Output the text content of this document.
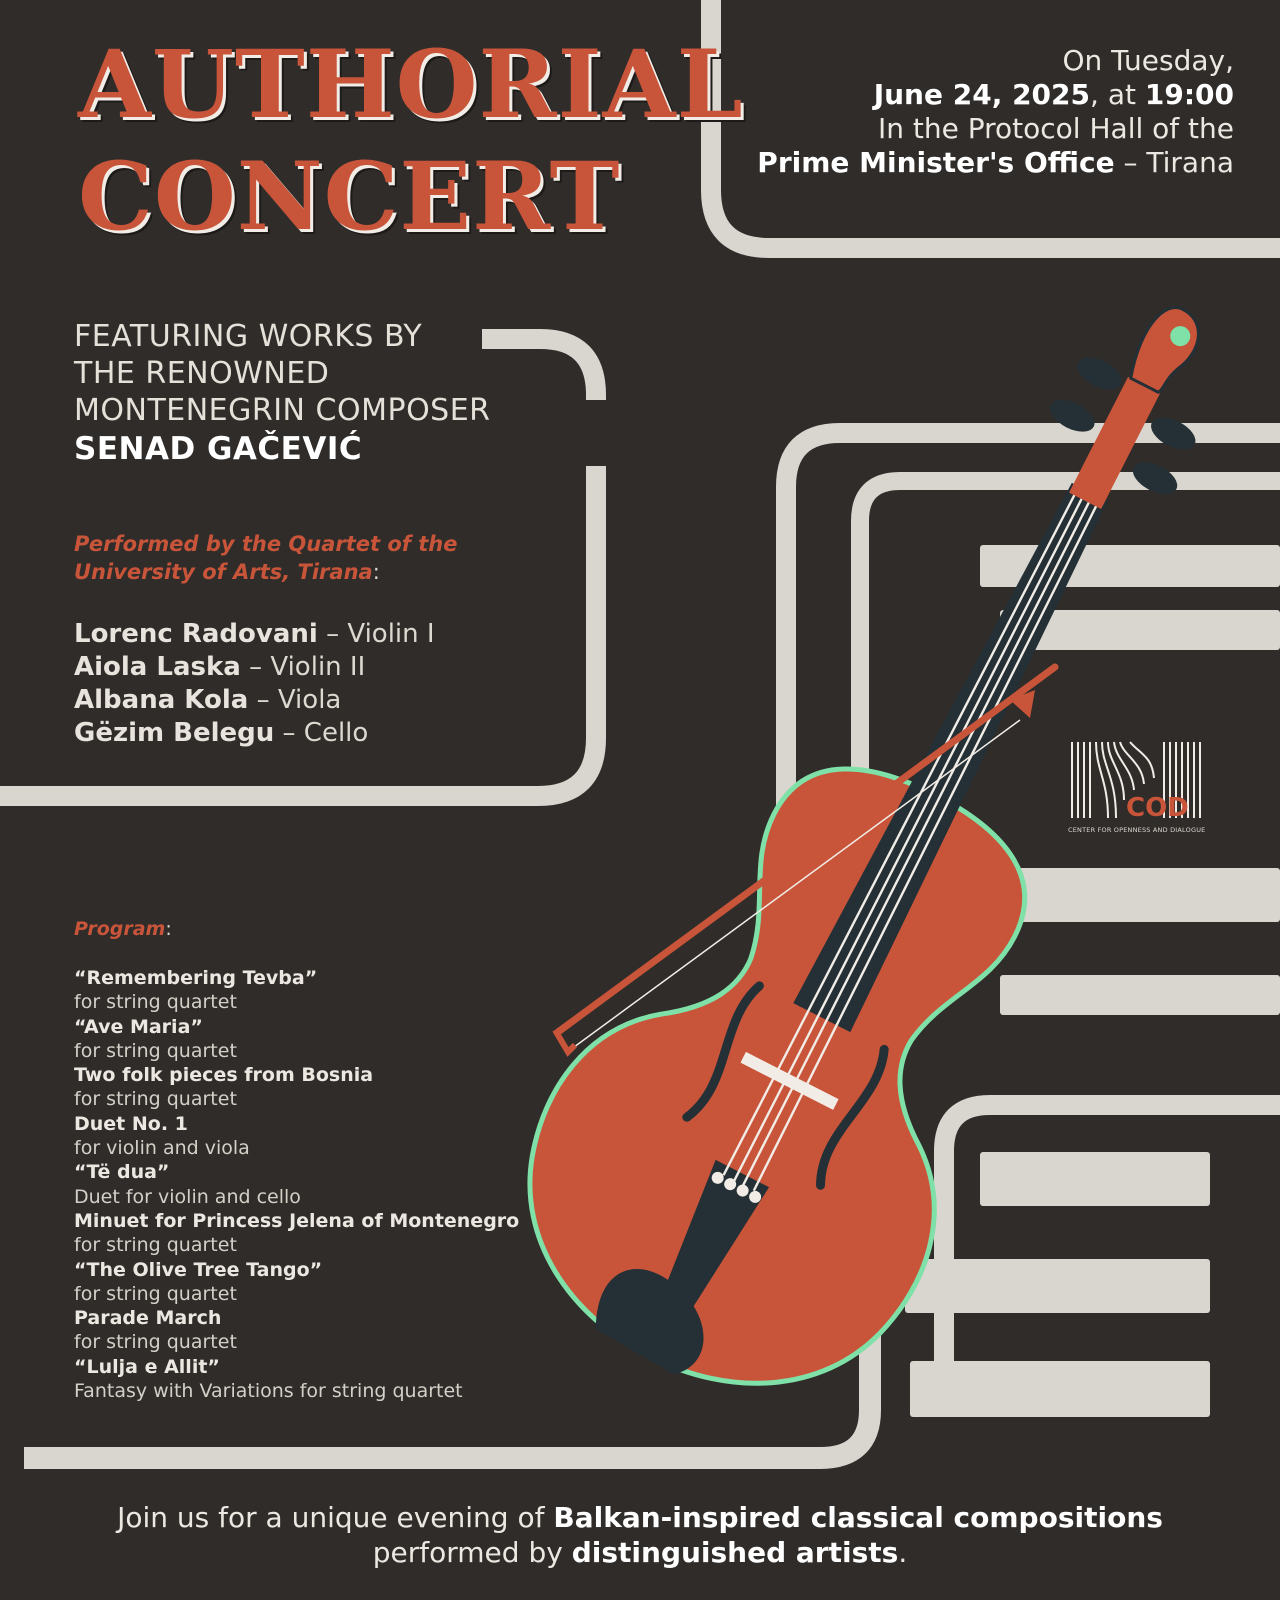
AUTHORIAL
CONCERT
On Tuesday,
June 24, 2025, at 19:00
In the Protocol Hall of the
Prime Minister's Office – Tirana
FEATURING WORKS BY
THE RENOWNED
MONTENEGRIN COMPOSER
SENAD GAČEVIĆ
Performed by the Quartet of the
University of Arts, Tirana:
Lorenc Radovani – Violin I
Aiola Laska – Violin II
Albana Kola – Viola
Gëzim Belegu – Cello
Program:
“Remembering Tevba”
for string quartet
“Ave Maria”
for string quartet
Two folk pieces from Bosnia
for string quartet
Duet No. 1
for violin and viola
“Të dua”
Duet for violin and cello
Minuet for Princess Jelena of Montenegro
for string quartet
“The Olive Tree Tango”
for string quartet
Parade March
for string quartet
“Lulja e Allit”
Fantasy with Variations for string quartet
COD
CENTER FOR OPENNESS AND DIALOGUE
Join us for a unique evening of Balkan-inspired classical compositions
performed by distinguished artists.
